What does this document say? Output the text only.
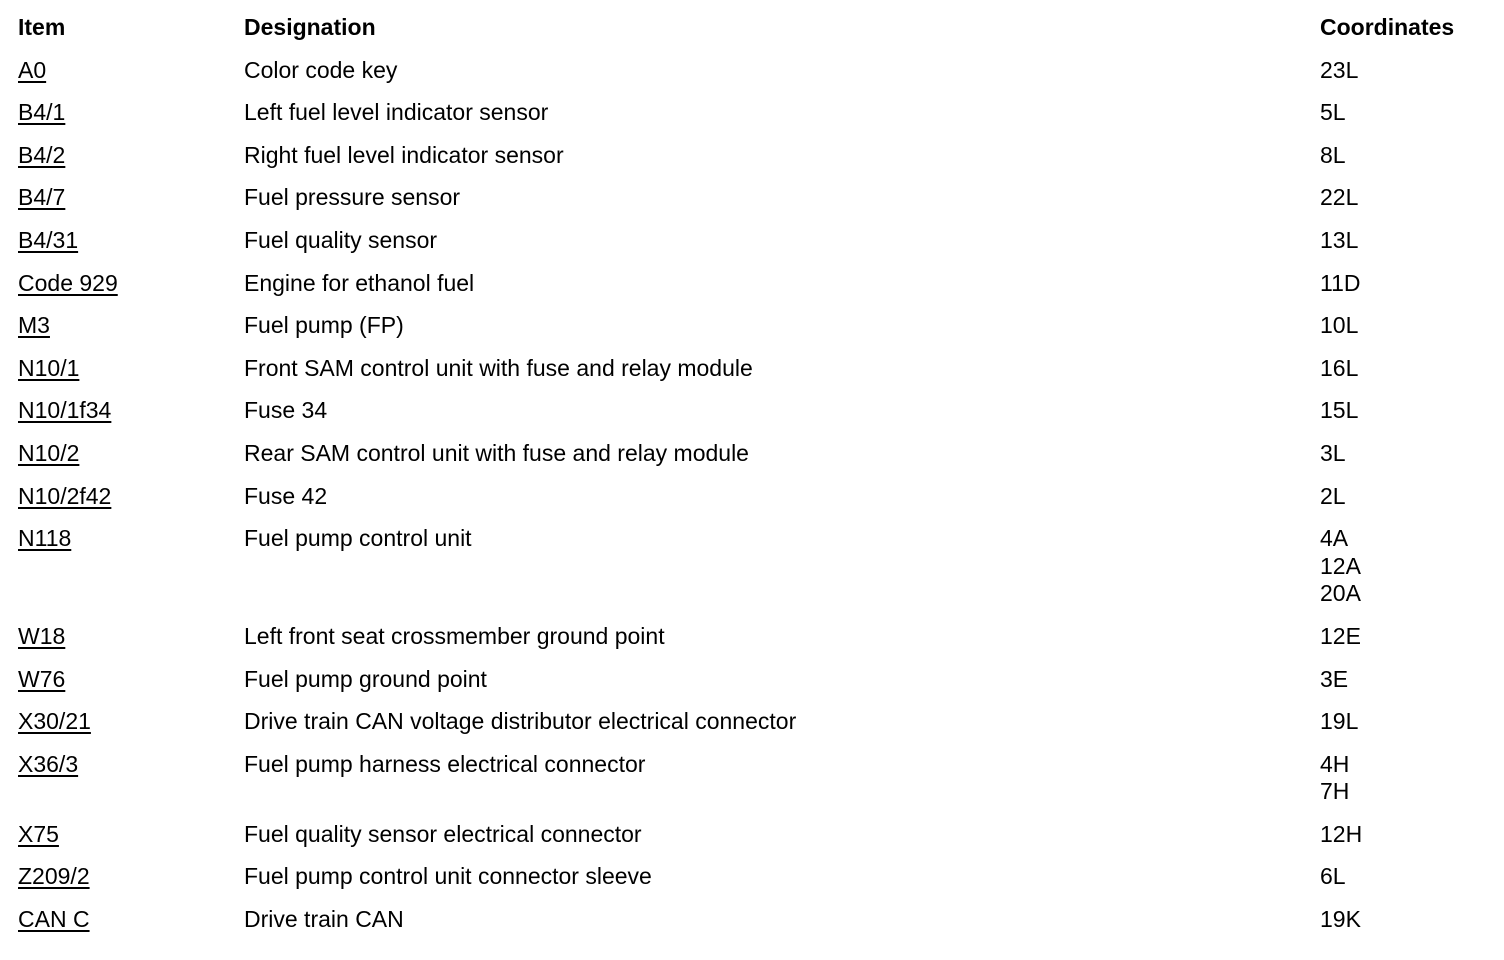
Item	Designation	Coordinates
A0	Color code key	23L
B4/1	Left fuel level indicator sensor	5L
B4/2	Right fuel level indicator sensor	8L
B4/7	Fuel pressure sensor	22L
B4/31	Fuel quality sensor	13L
Code 929	Engine for ethanol fuel	11D
M3	Fuel pump (FP)	10L
N10/1	Front SAM control unit with fuse and relay module	16L
N10/1f34	Fuse 34	15L
N10/2	Rear SAM control unit with fuse and relay module	3L
N10/2f42	Fuse 42	2L
N118	Fuel pump control unit	4A
12A
20A
W18	Left front seat crossmember ground point	12E
W76	Fuel pump ground point	3E
X30/21	Drive train CAN voltage distributor electrical connector	19L
X36/3	Fuel pump harness electrical connector	4H
7H
X75	Fuel quality sensor electrical connector	12H
Z209/2	Fuel pump control unit connector sleeve	6L
CAN C	Drive train CAN	19K
